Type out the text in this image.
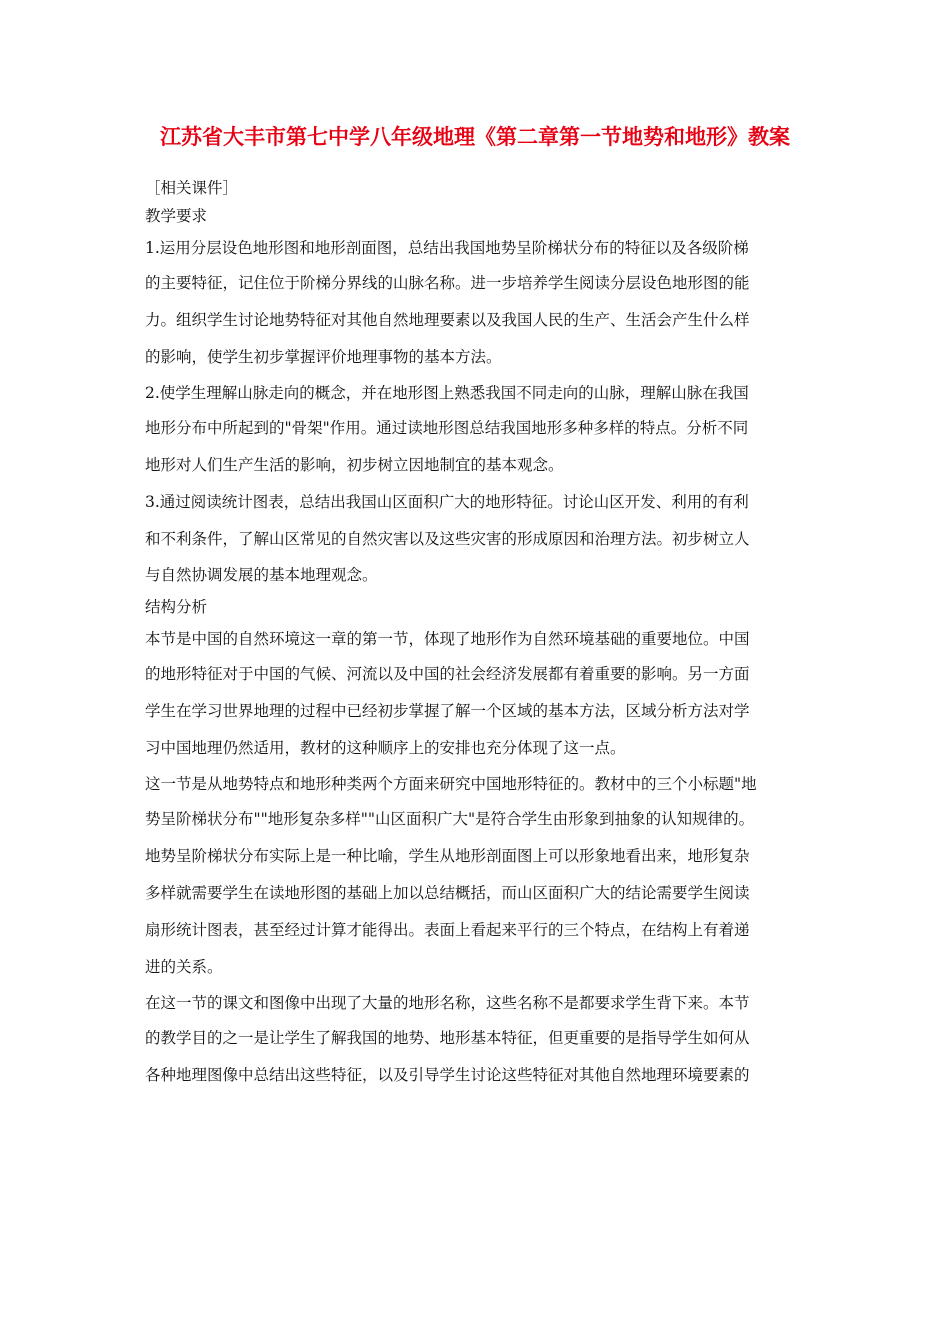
江苏省大丰市第七中学八年级地理《第二章第一节地势和地形》教案
［相关课件］
教学要求
1.运用分层设色地形图和地形剖面图，总结出我国地势呈阶梯状分布的特征以及各级阶梯
的主要特征，记住位于阶梯分界线的山脉名称。进一步培养学生阅读分层设色地形图的能
力。组织学生讨论地势特征对其他自然地理要素以及我国人民的生产、生活会产生什么样
的影响，使学生初步掌握评价地理事物的基本方法。
2.使学生理解山脉走向的概念，并在地形图上熟悉我国不同走向的山脉，理解山脉在我国
地形分布中所起到的"骨架"作用。通过读地形图总结我国地形多种多样的特点。分析不同
地形对人们生产生活的影响，初步树立因地制宜的基本观念。
3.通过阅读统计图表，总结出我国山区面积广大的地形特征。讨论山区开发、利用的有利
和不利条件，了解山区常见的自然灾害以及这些灾害的形成原因和治理方法。初步树立人
与自然协调发展的基本地理观念。
结构分析
本节是中国的自然环境这一章的第一节，体现了地形作为自然环境基础的重要地位。中国
的地形特征对于中国的气候、河流以及中国的社会经济发展都有着重要的影响。另一方面
学生在学习世界地理的过程中已经初步掌握了解一个区域的基本方法，区域分析方法对学
习中国地理仍然适用，教材的这种顺序上的安排也充分体现了这一点。
这一节是从地势特点和地形种类两个方面来研究中国地形特征的。教材中的三个小标题"地
势呈阶梯状分布""地形复杂多样""山区面积广大"是符合学生由形象到抽象的认知规律的。
地势呈阶梯状分布实际上是一种比喻，学生从地形剖面图上可以形象地看出来，地形复杂
多样就需要学生在读地形图的基础上加以总结概括，而山区面积广大的结论需要学生阅读
扇形统计图表，甚至经过计算才能得出。表面上看起来平行的三个特点，在结构上有着递
进的关系。
在这一节的课文和图像中出现了大量的地形名称，这些名称不是都要求学生背下来。本节
的教学目的之一是让学生了解我国的地势、地形基本特征，但更重要的是指导学生如何从
各种地理图像中总结出这些特征，以及引导学生讨论这些特征对其他自然地理环境要素的
